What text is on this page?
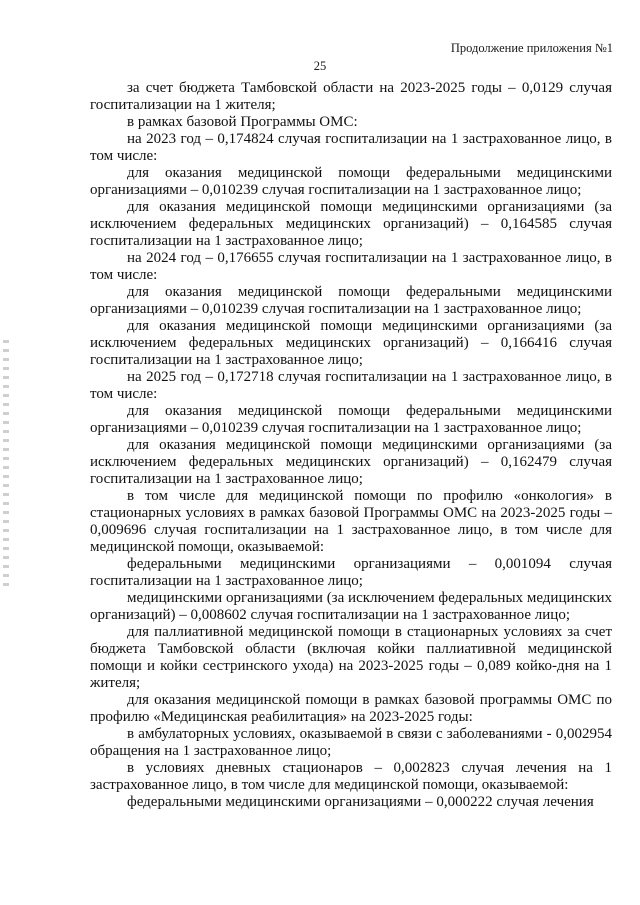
Продолжение приложения №1
25

за счет бюджета Тамбовской области на 2023-2025 годы – 0,0129 случая госпитализации на 1 жителя;

в рамках базовой Программы ОМС:

на 2023 год – 0,174824 случая госпитализации на 1 застрахованное лицо, в том числе:

для оказания медицинской помощи федеральными медицинскими организациями – 0,010239 случая госпитализации на 1 застрахованное лицо;

для оказания медицинской помощи медицинскими организациями (за исключением федеральных медицинских организаций) – 0,164585 случая госпитализации на 1 застрахованное лицо;

на 2024 год – 0,176655 случая госпитализации на 1 застрахованное лицо, в том числе:

для оказания медицинской помощи федеральными медицинскими организациями – 0,010239 случая госпитализации на 1 застрахованное лицо;

для оказания медицинской помощи медицинскими организациями (за исключением федеральных медицинских организаций) – 0,166416 случая госпитализации на 1 застрахованное лицо;

на 2025 год – 0,172718 случая госпитализации на 1 застрахованное лицо, в том числе:

для оказания медицинской помощи федеральными медицинскими организациями – 0,010239 случая госпитализации на 1 застрахованное лицо;

для оказания медицинской помощи медицинскими организациями (за исключением федеральных медицинских организаций) – 0,162479 случая госпитализации на 1 застрахованное лицо;

в том числе для медицинской помощи по профилю «онкология» в стационарных условиях в рамках базовой Программы ОМС на 2023-2025 годы – 0,009696 случая госпитализации на 1 застрахованное лицо, в том числе для медицинской помощи, оказываемой:

федеральными медицинскими организациями – 0,001094 случая госпитализации на 1 застрахованное лицо;

медицинскими организациями (за исключением федеральных медицинских организаций) – 0,008602 случая госпитализации на 1 застрахованное лицо;

для паллиативной медицинской помощи в стационарных условиях за счет бюджета Тамбовской области (включая койки паллиативной медицинской помощи и койки сестринского ухода) на 2023-2025 годы – 0,089 койко-дня на 1 жителя;

для оказания медицинской помощи в рамках базовой программы ОМС по профилю «Медицинская реабилитация» на 2023-2025 годы:

в амбулаторных условиях, оказываемой в связи с заболеваниями - 0,002954 обращения на 1 застрахованное лицо;

в условиях дневных стационаров – 0,002823 случая лечения на 1 застрахованное лицо, в том числе для медицинской помощи, оказываемой:

федеральными медицинскими организациями – 0,000222 случая лечения
